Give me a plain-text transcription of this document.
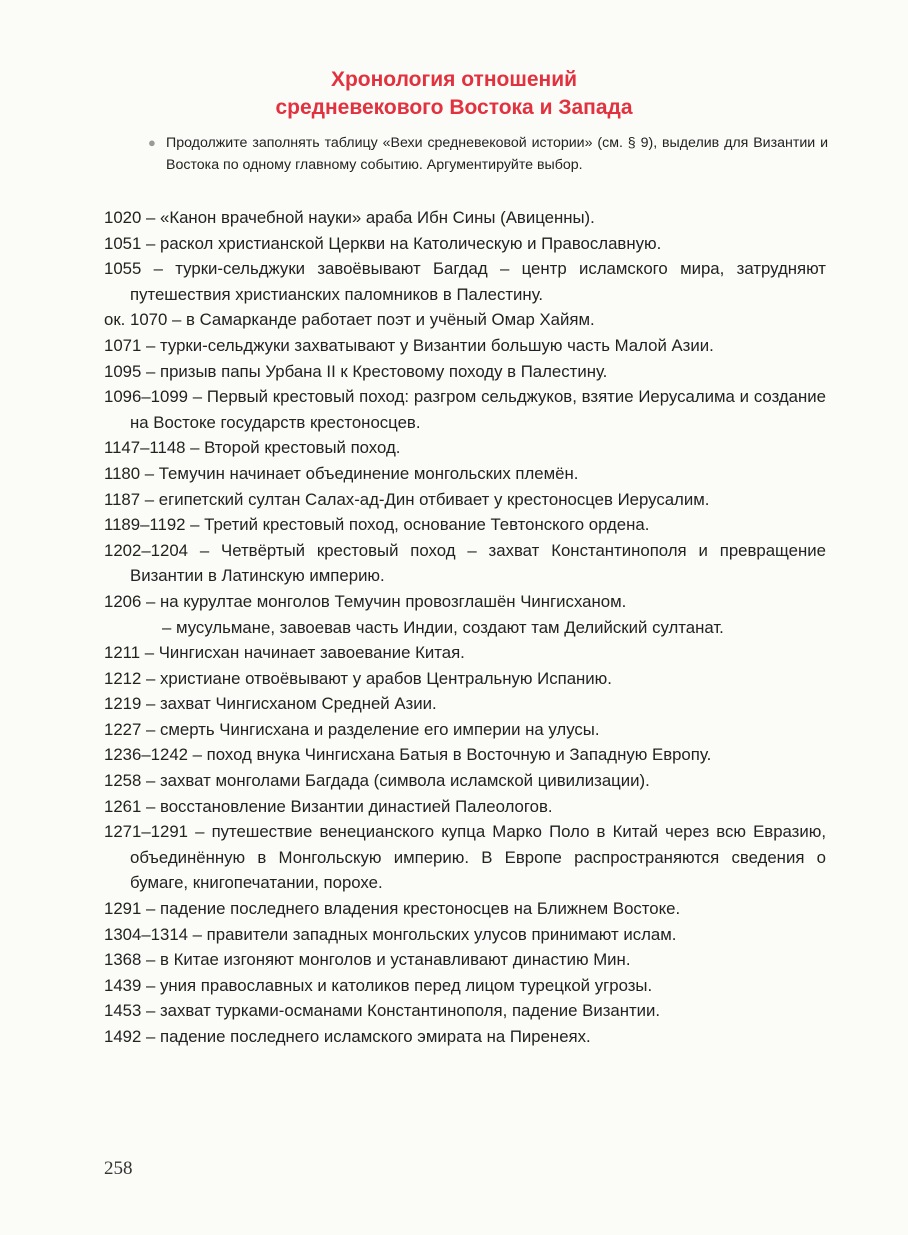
Хронология отношений
средневекового Востока и Запада
● Продолжите заполнять таблицу «Вехи средневековой истории» (см. § 9), выделив для Византии и Востока по одному главному событию. Аргументируйте выбор.
1020 – «Канон врачебной науки» араба Ибн Сины (Авиценны).
1051 – раскол христианской Церкви на Католическую и Православную.
1055 – турки-сельджуки завоёвывают Багдад – центр исламского мира, затрудняют путешествия христианских паломников в Палестину.
ок. 1070 – в Самарканде работает поэт и учёный Омар Хайям.
1071 – турки-сельджуки захватывают у Византии большую часть Малой Азии.
1095 – призыв папы Урбана II к Крестовому походу в Палестину.
1096–1099 – Первый крестовый поход: разгром сельджуков, взятие Иерусалима и создание на Востоке государств крестоносцев.
1147–1148 – Второй крестовый поход.
1180 – Темучин начинает объединение монгольских племён.
1187 – египетский султан Салах-ад-Дин отбивает у крестоносцев Иерусалим.
1189–1192 – Третий крестовый поход, основание Тевтонского ордена.
1202–1204 – Четвёртый крестовый поход – захват Константинополя и превращение Византии в Латинскую империю.
1206 – на курултае монголов Темучин провозглашён Чингисханом.
– мусульмане, завоевав часть Индии, создают там Делийский султанат.
1211 – Чингисхан начинает завоевание Китая.
1212 – христиане отвоёвывают у арабов Центральную Испанию.
1219 – захват Чингисханом Средней Азии.
1227 – смерть Чингисхана и разделение его империи на улусы.
1236–1242 – поход внука Чингисхана Батыя в Восточную и Западную Европу.
1258 – захват монголами Багдада (символа исламской цивилизации).
1261 – восстановление Византии династией Палеологов.
1271–1291 – путешествие венецианского купца Марко Поло в Китай через всю Евразию, объединённую в Монгольскую империю. В Европе распространяются сведения о бумаге, книгопечатании, порохе.
1291 – падение последнего владения крестоносцев на Ближнем Востоке.
1304–1314 – правители западных монгольских улусов принимают ислам.
1368 – в Китае изгоняют монголов и устанавливают династию Мин.
1439 – уния православных и католиков перед лицом турецкой угрозы.
1453 – захват турками-османами Константинополя, падение Византии.
1492 – падение последнего исламского эмирата на Пиренеях.
258
